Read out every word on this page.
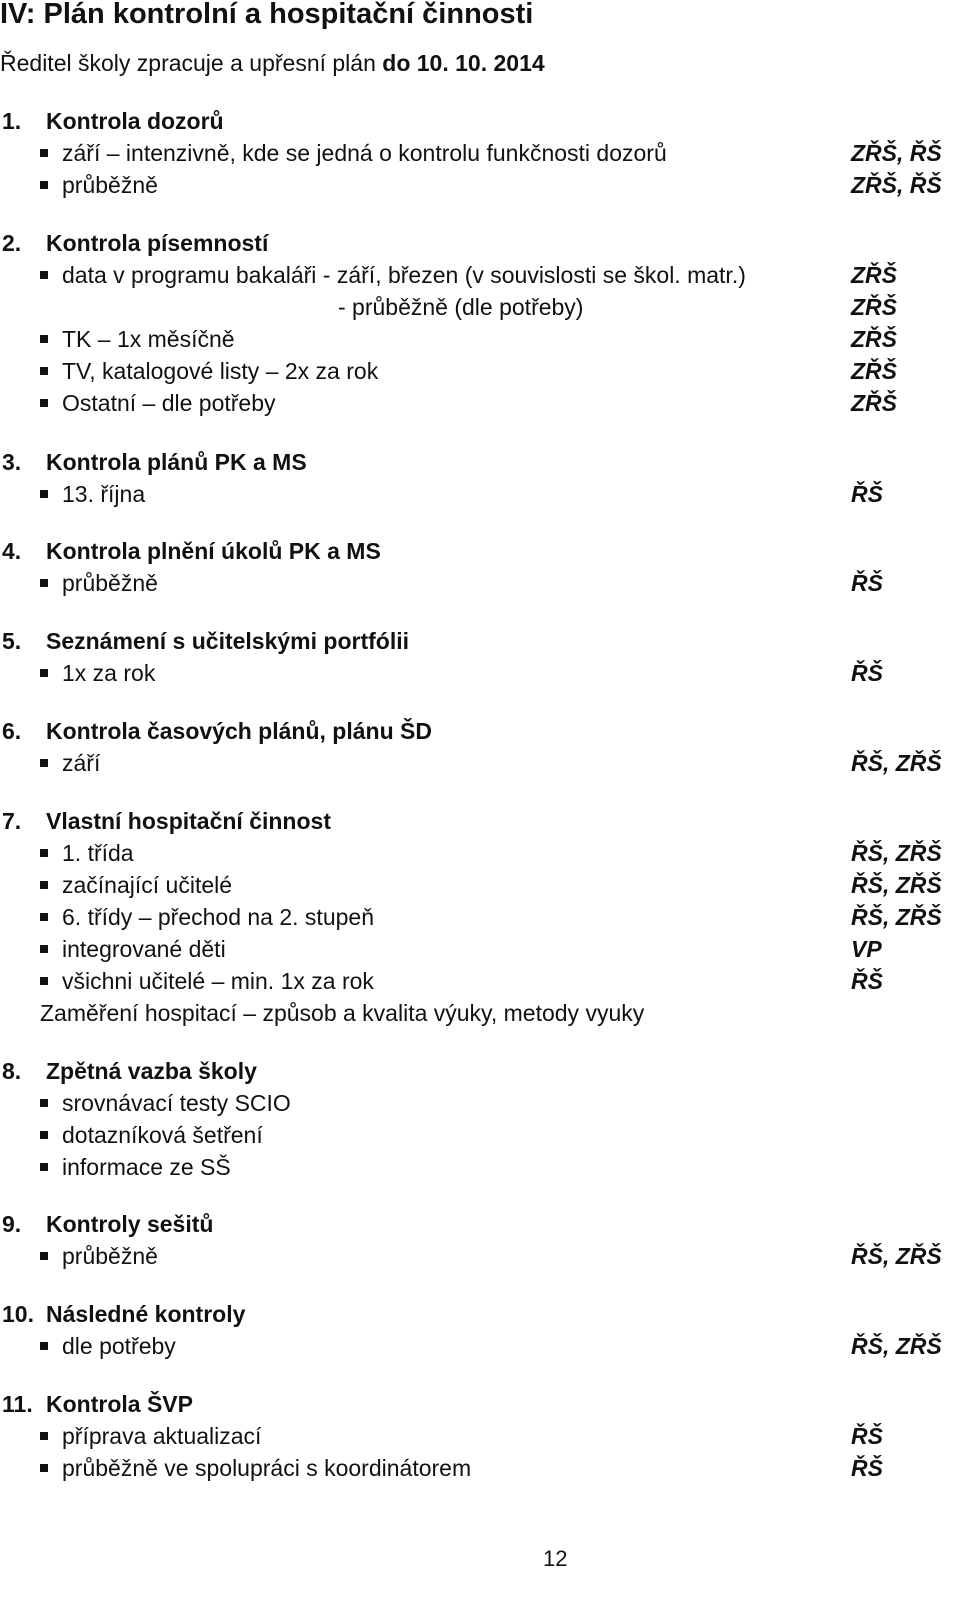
IV: Plán kontrolní a hospitační činnosti
Ředitel školy zpracuje a upřesní plán do 10. 10. 2014
1. Kontrola dozorů
září – intenzivně, kde se jedná o kontrolu funkčnosti dozorů	ZŘŠ, ŘŠ
průběžně	ZŘŠ, ŘŠ
2. Kontrola písemností
data v programu bakaláři - září, březen (v souvislosti se škol. matr.)	ZŘŠ
- průběžně (dle potřeby)	ZŘŠ
TK – 1x měsíčně	ZŘŠ
TV, katalogové listy – 2x za rok	ZŘŠ
Ostatní – dle potřeby	ZŘŠ
3. Kontrola plánů PK a MS
13. října	ŘŠ
4. Kontrola plnění úkolů PK a MS
průběžně	ŘŠ
5. Seznámení s učitelskými portfólii
1x za rok	ŘŠ
6. Kontrola časových plánů, plánu ŠD
září	ŘŠ, ZŘŠ
7. Vlastní hospitační činnost
1. třída	ŘŠ, ZŘŠ
začínající učitelé	ŘŠ, ZŘŠ
6. třídy – přechod na 2. stupeň	ŘŠ, ZŘŠ
integrované děti	VP
všichni učitelé – min. 1x za rok	ŘŠ
Zaměření hospitací – způsob a kvalita výuky, metody vyuky
8. Zpětná vazba školy
srovnávací testy SCIO
dotazníková šetření
informace ze SŠ
9. Kontroly sešitů
průběžně	ŘŠ, ZŘŠ
10. Následné kontroly
dle potřeby	ŘŠ, ZŘŠ
11. Kontrola ŠVP
příprava aktualizací	ŘŠ
průběžně ve spolupráci s koordinátorem	ŘŠ
12
